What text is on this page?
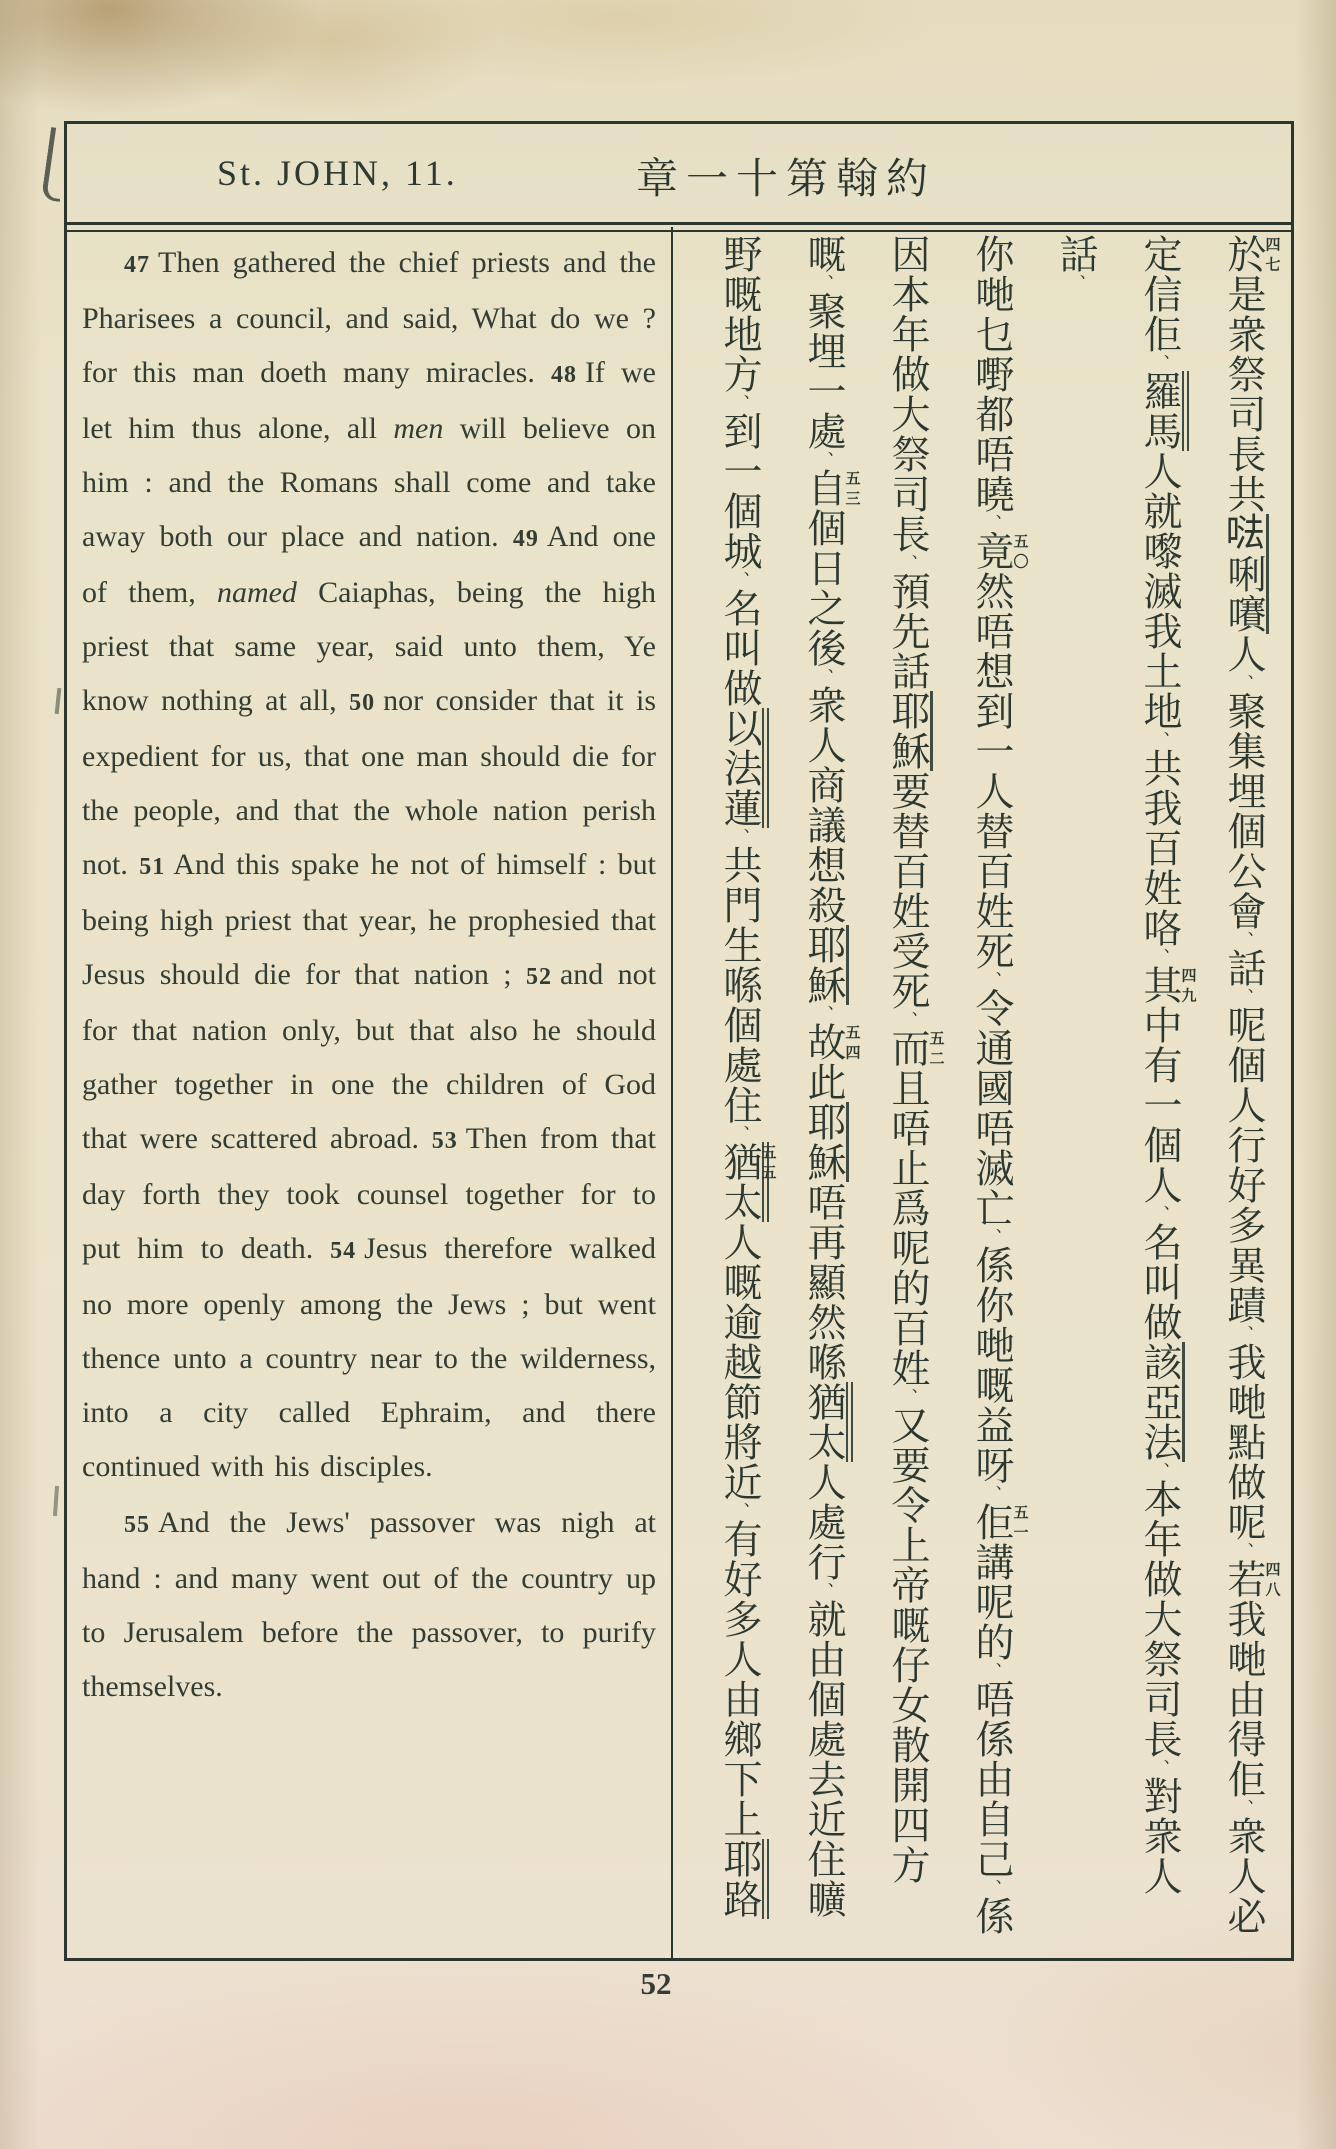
St. JOHN, 11.	章一十第翰約

47 Then gathered the chief priests and the Pharisees a council, and said, What do we ? for this man doeth many miracles. 48 If we let him thus alone, all men will believe on him : and the Romans shall come and take away both our place and nation. 49 And one of them, named Caiaphas, being the high priest that same year, said unto them, Ye know nothing at all, 50 nor consider that it is expedient for us, that one man should die for the people, and that the whole nation perish not. 51 And this spake he not of himself : but being high priest that year, he prophesied that Jesus should die for that nation ; 52 and not for that nation only, but that also he should gather together in one the children of God that were scattered abroad. 53 Then from that day forth they took counsel together for to put him to death. 54 Jesus therefore walked no more openly among the Jews ; but went thence unto a country near to the wilderness, into a city called Ephraim, and there continued with his disciples.

55 And the Jews' passover was nigh at hand : and many went out of the country up to Jerusalem before the passover, to purify themselves.

於四七是衆祭司長共𠵽唎㘔人、聚集埋個公會、話、呢個人行好多異蹟、我哋點做呢、若四八我哋由得佢、衆人必
定信佢、羅馬人就嚟滅我土地、共我百姓咯、其四九中有一個人、名叫做該亞法、本年做大祭司長、對衆人話、
你哋乜嘢都唔曉、竟五〇然唔想到一人替百姓死、令通國唔滅亡、係你哋嘅益呀、佢五一講呢的、唔係由自己、係
因本年做大祭司長、預先話耶穌要替百姓受死、而五二且唔止爲呢的百姓、又要令上帝嘅仔女散開四方
嘅、聚埋一處、自五三個日之後、衆人商議想殺耶穌、故五四此耶穌唔再顯然喺猶太人處行、就由個處去近住曠
野嘅地方、到一個城、名叫做以法蓮、共門生喺個處住、猶五五太人嘅逾越節將近、有好多人由鄉下上耶路
52
